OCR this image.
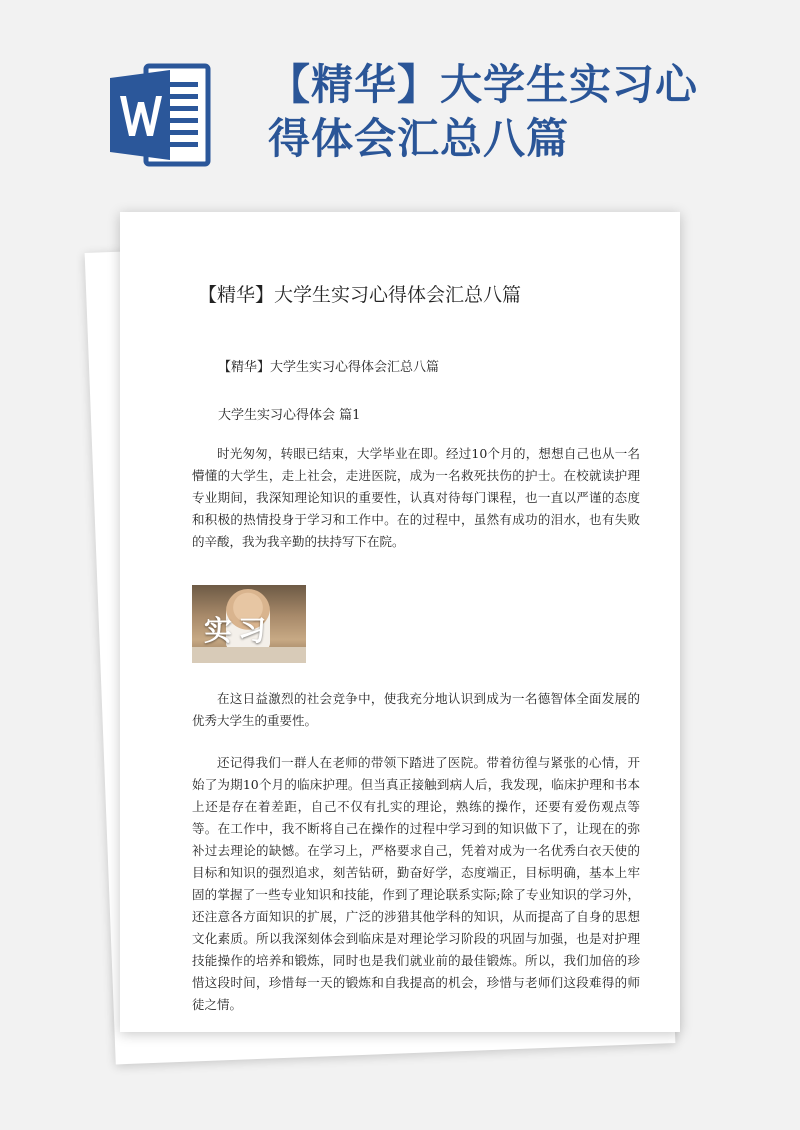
【精华】大学生实习心得体会汇总八篇
【精华】大学生实习心得体会汇总八篇
【精华】大学生实习心得体会汇总八篇
大学生实习心得体会 篇1

时光匆匆，转眼已结束，大学毕业在即。经过10个月的，想想自己也从一名懵懂的大学生，走上社会，走进医院，成为一名救死扶伤的护士。在校就读护理专业期间，我深知理论知识的重要性，认真对待每门课程，也一直以严谨的态度和积极的热情投身于学习和工作中。在的过程中，虽然有成功的泪水，也有失败的辛酸，我为我辛勤的扶持写下在院。

实习

在这日益激烈的社会竞争中，使我充分地认识到成为一名德智体全面发展的优秀大学生的重要性。

还记得我们一群人在老师的带领下踏进了医院。带着彷徨与紧张的心情，开始了为期10个月的临床护理。但当真正接触到病人后，我发现，临床护理和书本上还是存在着差距，自己不仅有扎实的理论，熟练的操作，还要有爱伤观点等等。在工作中，我不断将自己在操作的过程中学习到的知识做下了，让现在的弥补过去理论的缺憾。在学习上，严格要求自己，凭着对成为一名优秀白衣天使的目标和知识的强烈追求，刻苦钻研，勤奋好学，态度端正，目标明确，基本上牢固的掌握了一些专业知识和技能，作到了理论联系实际;除了专业知识的学习外，还注意各方面知识的扩展，广泛的涉猎其他学科的知识，从而提高了自身的思想文化素质。所以我深刻体会到临床是对理论学习阶段的巩固与加强，也是对护理技能操作的培养和锻炼，同时也是我们就业前的最佳锻炼。所以，我们加倍的珍惜这段时间，珍惜每一天的锻炼和自我提高的机会，珍惜与老师们这段难得的师徒之情。
